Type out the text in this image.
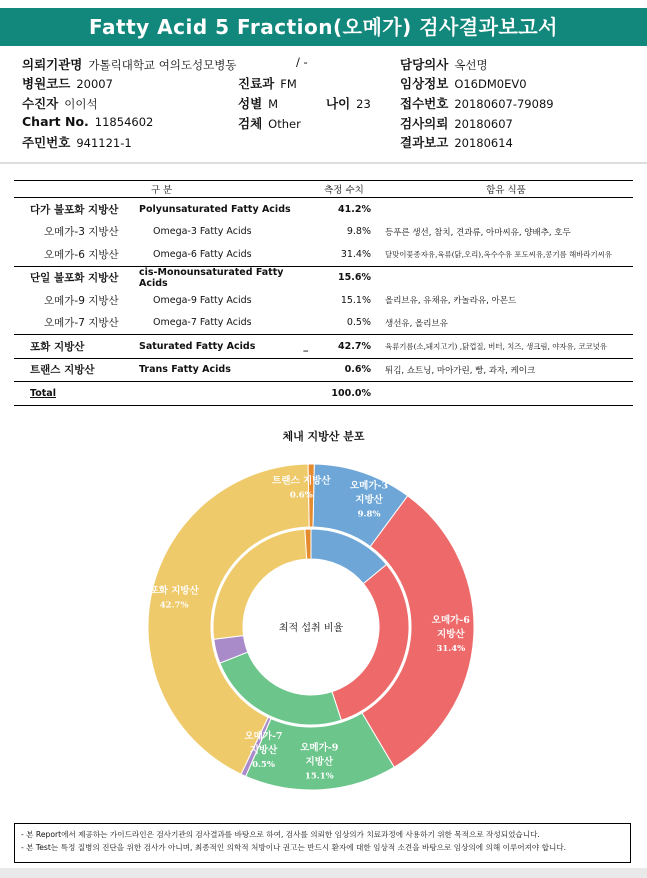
Fatty Acid 5 Fraction(오메가) 검사결과보고서
의뢰기관명 가톨릭대학교 여의도성모병동	/ -	담당의사 옥선명
병원코드 20007	진료과 FM	임상정보 O16DM0EV0
수진자 이이석	성별 M	나이 23 접수번호 20180607-79089
Chart No. 11854602	검체 Other	검사의뢰 20180607
주민번호 941121-1	결과보고 20180614
구 분		측정 수치	함유 식품
다가 불포화 지방산	Polyunsaturated Fatty Acids	41.2%	
오메가-3 지방산	Omega-3 Fatty Acids	9.8%	등푸른 생선, 참치, 견과류, 아마씨유, 양배추, 호두
오메가-6 지방산	Omega-6 Fatty Acids	31.4%	달맞이꽃종자유,육류(닭,오리),옥수수유 포도씨유,콩기름 해바라기씨유
단일 불포화 지방산	cis-Monounsaturated Fatty Acids	15.6%	
오메가-9 지방산	Omega-9 Fatty Acids	15.1%	올리브유, 유채유, 카놀라유, 아몬드
오메가-7 지방산	Omega-7 Fatty Acids	0.5%	생선유, 올리브유
포화 지방산	Saturated Fatty Acids _	42.7%	육류기름(소,돼지고기) ,닭껍질, 버터, 치즈, 생크림, 야자유, 코코넛유
트랜스 지방산	Trans Fatty Acids	0.6%	튀김, 쇼트닝, 마아가린, 빵, 과자, 케이크
Total		100.0%	
체내 지방산 분포
최적 섭취 비율
오메가-3
지방산
9.8%
오메가-6
지방산
31.4%
오메가-9
지방산
15.1%
오메가-7
지방산
0.5%
포화 지방산
42.7%
트랜스 지방산
0.6%
- 본 Report에서 제공하는 가이드라인은 검사기관의 검사결과를 바탕으로 하여, 검사를 의뢰한 임상의가 치료과정에 사용하기 위한 목적으로 작성되었습니다.
- 본 Test는 특정 질병의 진단을 위한 검사가 아니며, 최종적인 의학적 처방이나 권고는 반드시 환자에 대한 임상적 소견을 바탕으로 임상의에 의해 이루어져야 합니다.
